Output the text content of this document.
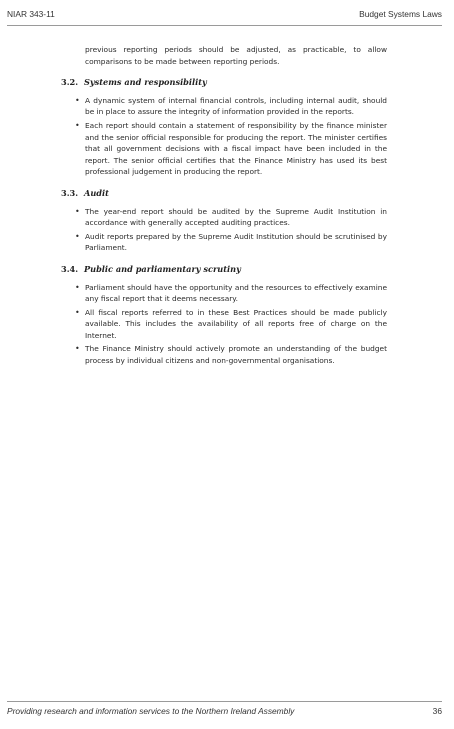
NIAR 343-11	Budget Systems Laws

previous reporting periods should be adjusted, as practicable, to allow comparisons to be made between reporting periods.

3.2. Systems and responsibility
• A dynamic system of internal financial controls, including internal audit, should be in place to assure the integrity of information provided in the reports.
• Each report should contain a statement of responsibility by the finance minister and the senior official responsible for producing the report. The minister certifies that all government decisions with a fiscal impact have been included in the report. The senior official certifies that the Finance Ministry has used its best professional judgement in producing the report.
3.3. Audit
• The year-end report should be audited by the Supreme Audit Institution in accordance with generally accepted auditing practices.
• Audit reports prepared by the Supreme Audit Institution should be scrutinised by Parliament.
3.4. Public and parliamentary scrutiny
• Parliament should have the opportunity and the resources to effectively examine any fiscal report that it deems necessary.
• All fiscal reports referred to in these Best Practices should be made publicly available. This includes the availability of all reports free of charge on the Internet.
• The Finance Ministry should actively promote an understanding of the budget process by individual citizens and non-governmental organisations.
Providing research and information services to the Northern Ireland Assembly	36
